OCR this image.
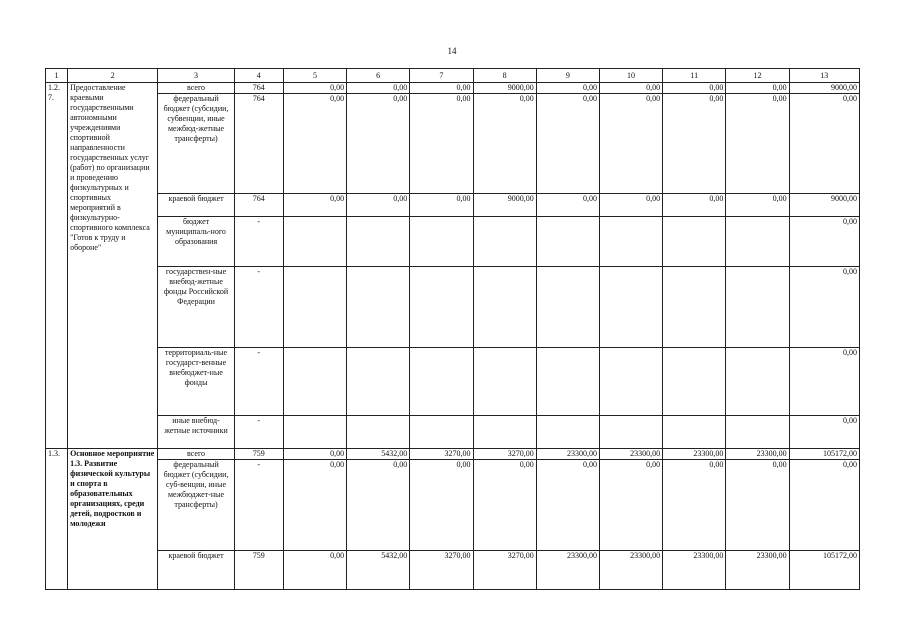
14
1	2	3	4	5	6	7	8	9	10	11	12	13
1.2.
7.	Предоставление краевыми государственными автономными учреждениями спортивной направленности государственных услуг (работ) по организации и проведению физкультурных и спортивных мероприятий в физкультурно-спортивного комплекса "Готов к труду и обороне"	всего	764	0,00	0,00	0,00	9000,00	0,00	0,00	0,00	0,00	9000,00
		федеральный бюджет (субсидии, субвенции, иные межбюд-жетные трансферты)	764	0,00	0,00	0,00	0,00	0,00	0,00	0,00	0,00	0,00
		краевой бюджет	764	0,00	0,00	0,00	9000,00	0,00	0,00	0,00	0,00	9000,00
		бюджет муниципаль-ного образования	-									0,00
		государствен-ные внебюд-жетные фонды Российской Федерации	-									0,00
		территориаль-ные государст-венные внебюджет-ные фонды	-									0,00
		иные внебюд-жетные источники	-									0,00
1.3.	Основное мероприятие 1.3. Развитие физической культуры и спорта в образовательных организациях, среди детей, подростков и молодежи	всего	759	0,00	5432,00	3270,00	3270,00	23300,00	23300,00	23300,00	23300,00	105172,00
		федеральный бюджет (субсидии, суб-венции, иные межбюджет-ные трансферты)	-	0,00	0,00	0,00	0,00	0,00	0,00	0,00	0,00	0,00
		краевой бюджет	759	0,00	5432,00	3270,00	3270,00	23300,00	23300,00	23300,00	23300,00	105172,00
